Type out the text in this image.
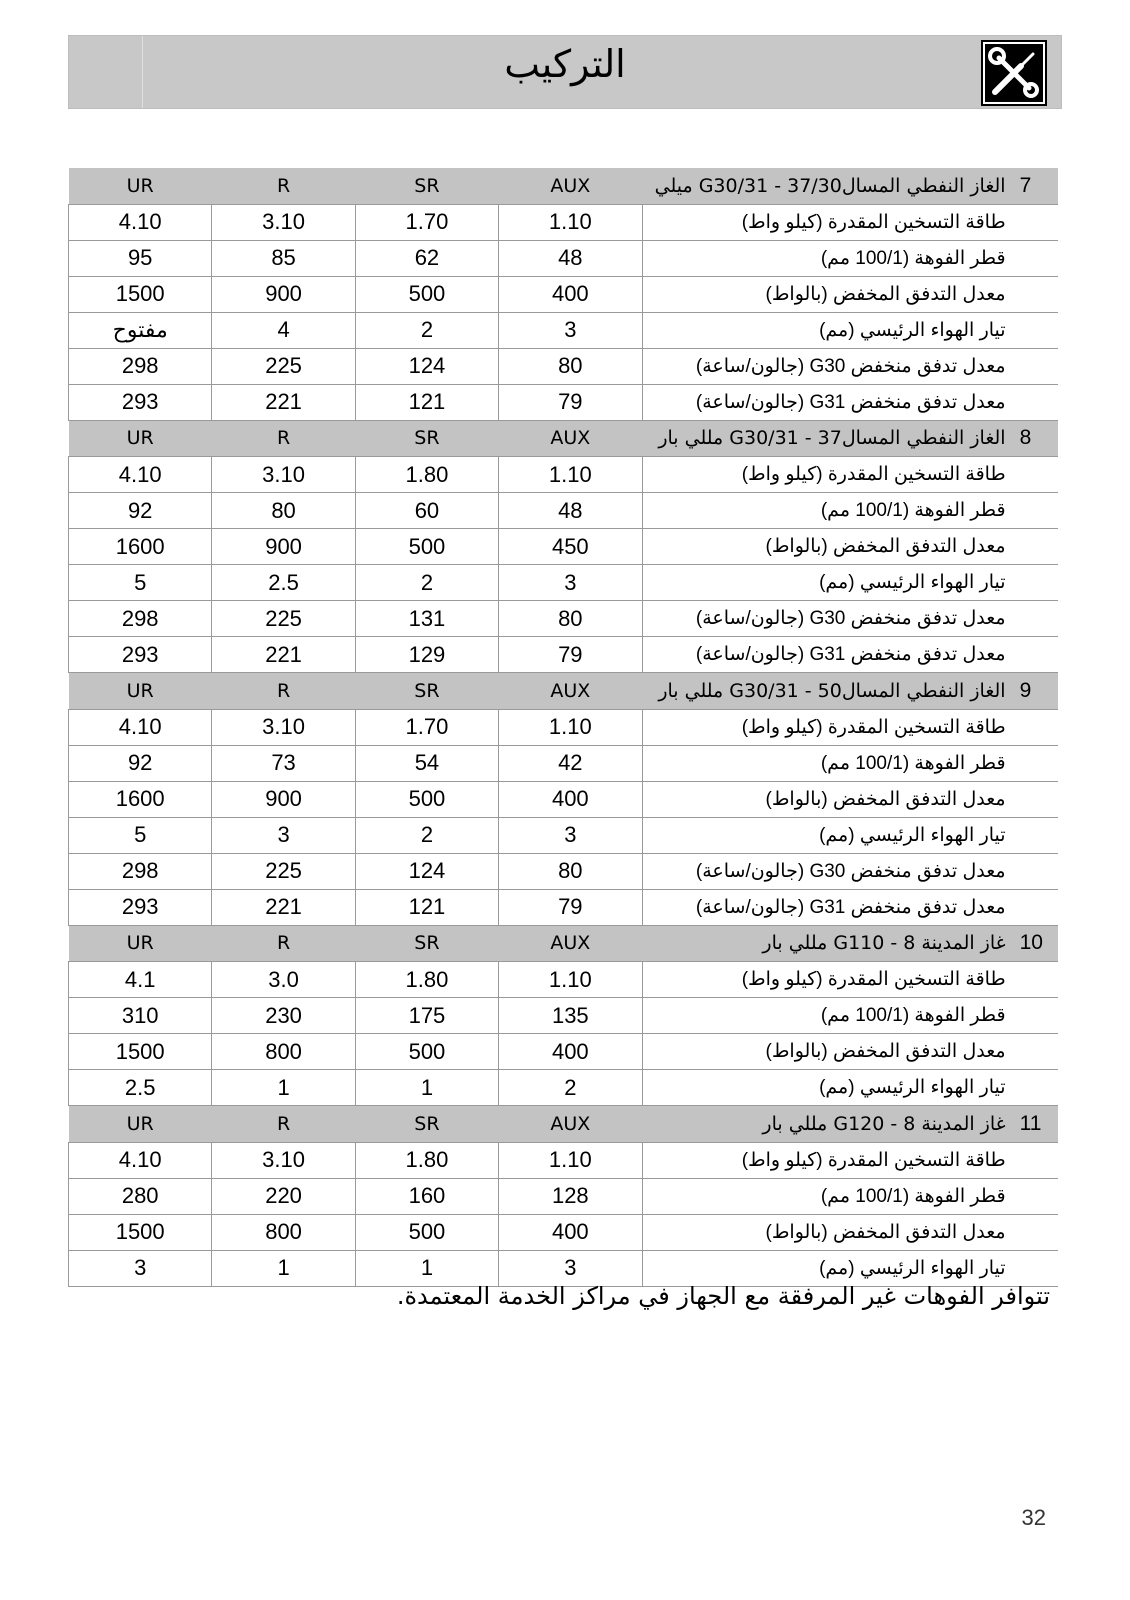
التركيب
UR	R	SR	AUX	الغاز النفطي المسالG30/31 - 37/30 ميلي	7
4.10	3.10	1.70	1.10	طاقة التسخين المقدرة (كيلو واط)	
95	85	62	48	قطر الفوهة (100/1 مم)	
1500	900	500	400	معدل التدفق المخفض (بالواط)	
مفتوح	4	2	3	تيار الهواء الرئيسي (مم)	
298	225	124	80	معدل تدفق منخفض G30 (جالون/ساعة)	
293	221	121	79	معدل تدفق منخفض G31 (جالون/ساعة)	
UR	R	SR	AUX	الغاز النفطي المسالG30/31 - 37 مللي بار	8
4.10	3.10	1.80	1.10	طاقة التسخين المقدرة (كيلو واط)	
92	80	60	48	قطر الفوهة (100/1 مم)	
1600	900	500	450	معدل التدفق المخفض (بالواط)	
5	2.5	2	3	تيار الهواء الرئيسي (مم)	
298	225	131	80	معدل تدفق منخفض G30 (جالون/ساعة)	
293	221	129	79	معدل تدفق منخفض G31 (جالون/ساعة)	
UR	R	SR	AUX	الغاز النفطي المسالG30/31 - 50 مللي بار	9
4.10	3.10	1.70	1.10	طاقة التسخين المقدرة (كيلو واط)	
92	73	54	42	قطر الفوهة (100/1 مم)	
1600	900	500	400	معدل التدفق المخفض (بالواط)	
5	3	2	3	تيار الهواء الرئيسي (مم)	
298	225	124	80	معدل تدفق منخفض G30 (جالون/ساعة)	
293	221	121	79	معدل تدفق منخفض G31 (جالون/ساعة)	
UR	R	SR	AUX	غاز المدينة G110 - 8 مللي بار	10
4.1	3.0	1.80	1.10	طاقة التسخين المقدرة (كيلو واط)	
310	230	175	135	قطر الفوهة (100/1 مم)	
1500	800	500	400	معدل التدفق المخفض (بالواط)	
2.5	1	1	2	تيار الهواء الرئيسي (مم)	
UR	R	SR	AUX	غاز المدينة G120 - 8 مللي بار	11
4.10	3.10	1.80	1.10	طاقة التسخين المقدرة (كيلو واط)	
280	220	160	128	قطر الفوهة (100/1 مم)	
1500	800	500	400	معدل التدفق المخفض (بالواط)	
3	1	1	3	تيار الهواء الرئيسي (مم)	
تتوافر الفوهات غير المرفقة مع الجهاز في مراكز الخدمة المعتمدة.
32
